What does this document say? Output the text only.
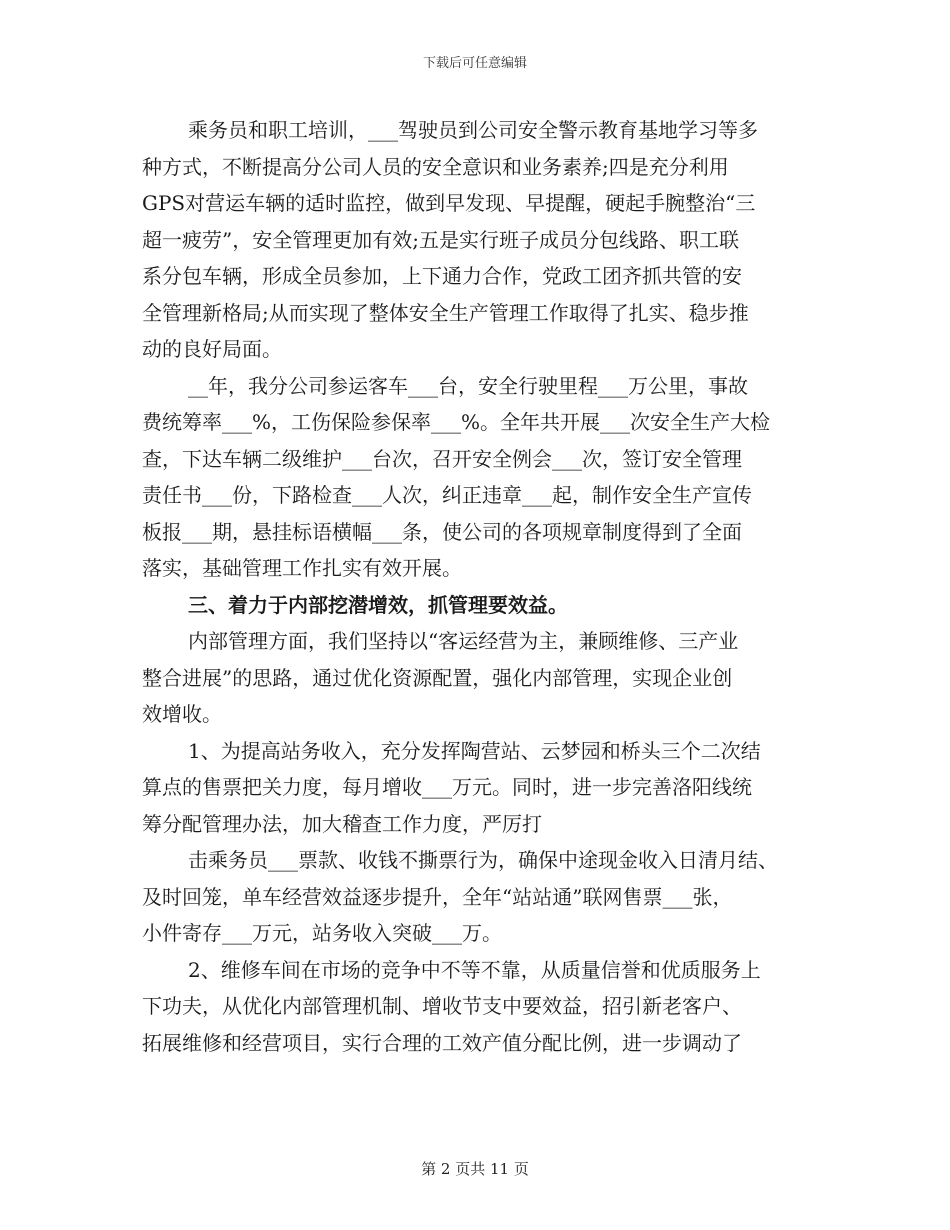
下载后可任意编辑
乘务员和职工培训，___驾驶员到公司安全警示教育基地学习等多
种方式，不断提高分公司人员的安全意识和业务素养;四是充分利用
GPS对营运车辆的适时监控，做到早发现、早提醒，硬起手腕整治“三
超一疲劳”，安全管理更加有效;五是实行班子成员分包线路、职工联
系分包车辆，形成全员参加，上下通力合作，党政工团齐抓共管的安
全管理新格局;从而实现了整体安全生产管理工作取得了扎实、稳步推
动的良好局面。
__年，我分公司参运客车___台，安全行驶里程___万公里，事故
费统筹率___%，工伤保险参保率___%。全年共开展___次安全生产大检
查，下达车辆二级维护___台次，召开安全例会___次，签订安全管理
责任书___份，下路检查___人次，纠正违章___起，制作安全生产宣传
板报___期，悬挂标语横幅___条，使公司的各项规章制度得到了全面
落实，基础管理工作扎实有效开展。
三、着力于内部挖潜增效，抓管理要效益。
内部管理方面，我们坚持以“客运经营为主，兼顾维修、三产业
整合进展”的思路，通过优化资源配置，强化内部管理，实现企业创
效增收。
1、为提高站务收入，充分发挥陶营站、云梦园和桥头三个二次结
算点的售票把关力度，每月增收___万元。同时，进一步完善洛阳线统
筹分配管理办法，加大稽查工作力度，严厉打
击乘务员___票款、收钱不撕票行为，确保中途现金收入日清月结、
及时回笼，单车经营效益逐步提升，全年“站站通”联网售票___张，
小件寄存___万元，站务收入突破___万。
2、维修车间在市场的竞争中不等不靠，从质量信誉和优质服务上
下功夫，从优化内部管理机制、增收节支中要效益，招引新老客户、
拓展维修和经营项目，实行合理的工效产值分配比例，进一步调动了
第 2 页共 11 页
